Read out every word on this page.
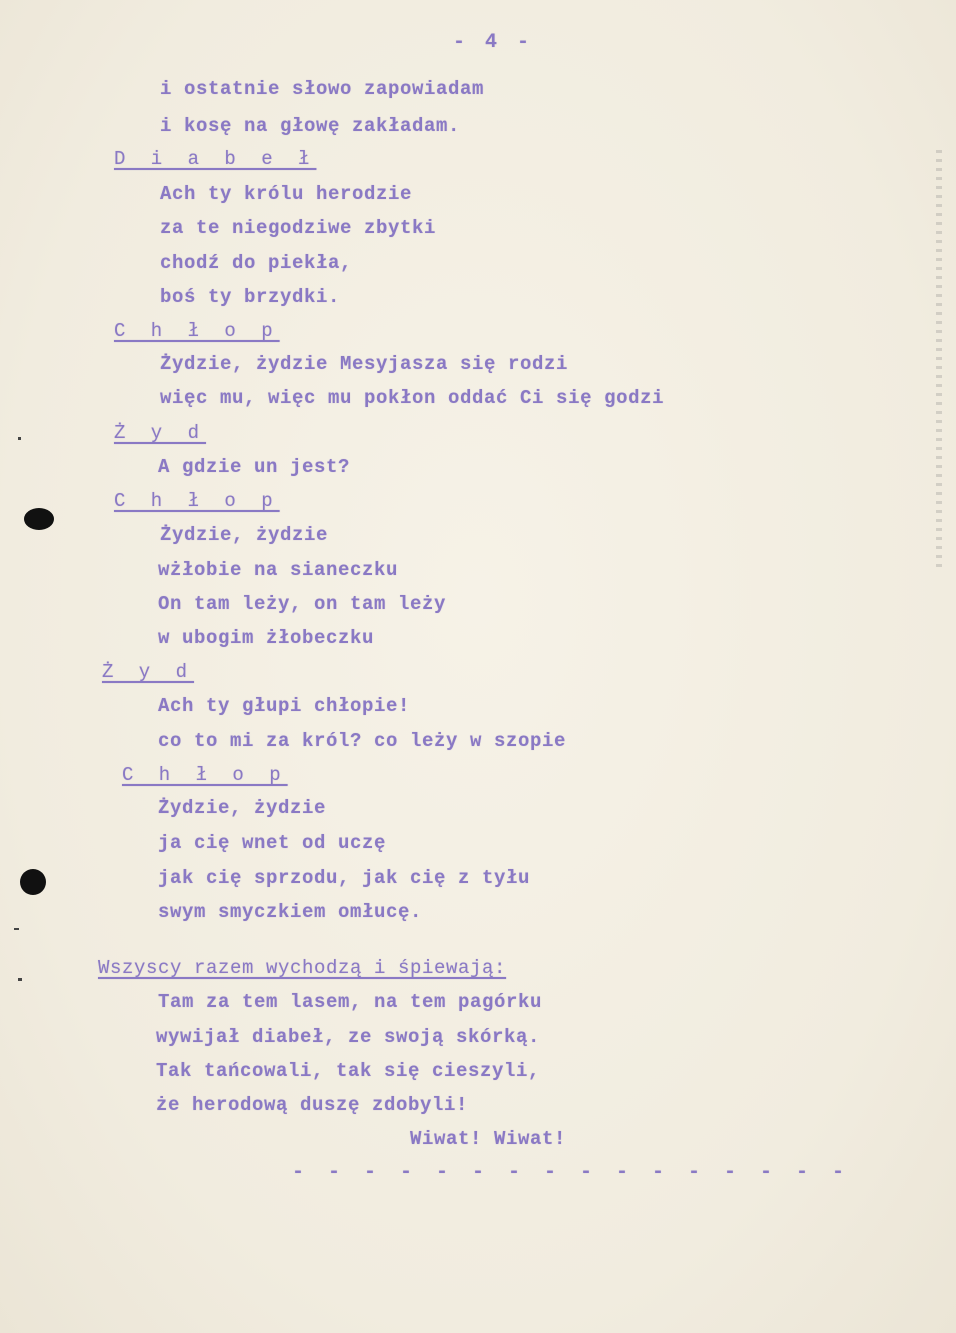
- 4 -
i ostatnie słowo zapowiadam
i kosę na głowę zakładam.
D i a b e ł
Ach ty królu herodzie
za te niegodziwe zbytki
chodź do piekła,
boś ty brzydki.
C h ł o p
Żydzie, żydzie Mesyjasza się rodzi
więc mu, więc mu pokłon oddać Ci się godzi
Ż y d
A gdzie un jest?
C h ł o p
Żydzie, żydzie
wżłobie na sianeczku
On tam leży, on tam leży
w ubogim żłobeczku
Ż y d
Ach ty głupi chłopie!
co to mi za król? co leży w szopie
C h ł o p
Żydzie, żydzie
ja cię wnet od uczę
jak cię sprzodu, jak cię z tyłu
swym smyczkiem omłucę.
Wszyscy razem wychodzą i śpiewają:
Tam za tem lasem, na tem pagórku
wywijał diabeł, ze swoją skórką.
Tak tańcowali, tak się cieszyli,
że herodową duszę zdobyli!
Wiwat! Wiwat!
- - - - - - - - - - - - - - - -
